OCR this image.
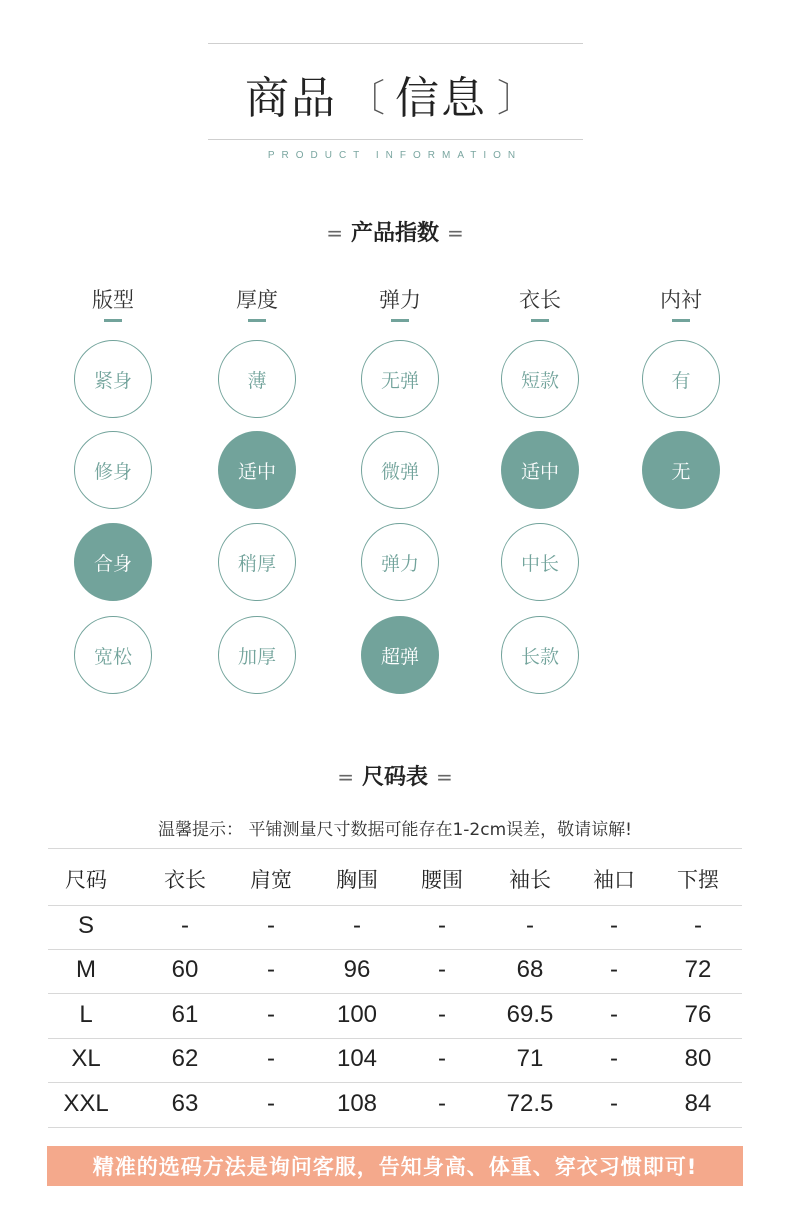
商品 〔 信息 〕
PRODUCT INFORMATION
= 产品指数 =
版型
紧身
修身
合身
宽松
厚度
薄
适中
稍厚
加厚
弹力
无弹
微弹
弹力
超弹
衣长
短款
适中
中长
长款
内衬
有
无
= 尺码表 =
温馨提示： 平铺测量尺寸数据可能存在1-2cm误差，敬请谅解!
尺码	衣长	肩宽	胸围	腰围	袖长	袖口	下摆
S	-	-	-	-	-	-	-
M	60	-	96	-	68	-	72
L	61	-	100	-	69.5	-	76
XL	62	-	104	-	71	-	80
XXL	63	-	108	-	72.5	-	84
精准的选码方法是询问客服，告知身高、体重、穿衣习惯即可!
